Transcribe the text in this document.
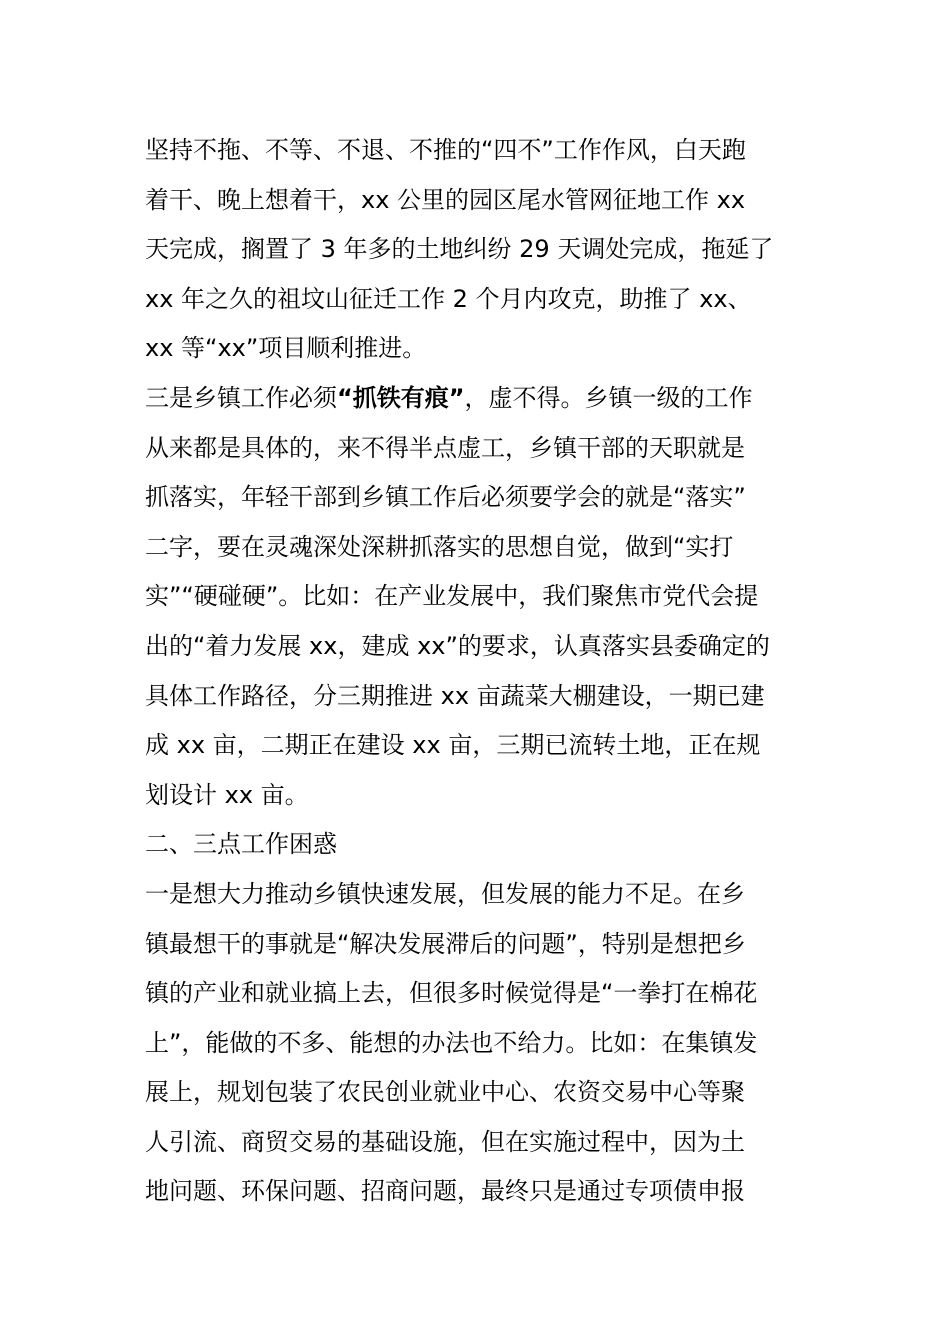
坚持不拖、不等、不退、不推的“四不”工作作风，白天跑
着干、晚上想着干，xx 公里的园区尾水管网征地工作 xx
天完成，搁置了 3 年多的土地纠纷 29 天调处完成，拖延了
xx 年之久的祖坟山征迁工作 2 个月内攻克，助推了 xx、
xx 等“xx”项目顺利推进。
三是乡镇工作必须“抓铁有痕”，虚不得。乡镇一级的工作
从来都是具体的，来不得半点虚工，乡镇干部的天职就是
抓落实，年轻干部到乡镇工作后必须要学会的就是“落实”
二字，要在灵魂深处深耕抓落实的思想自觉，做到“实打
实”“硬碰硬”。比如：在产业发展中，我们聚焦市党代会提
出的“着力发展 xx，建成 xx”的要求，认真落实县委确定的
具体工作路径，分三期推进 xx 亩蔬菜大棚建设，一期已建
成 xx 亩，二期正在建设 xx 亩，三期已流转土地，正在规
划设计 xx 亩。
二、三点工作困惑
一是想大力推动乡镇快速发展，但发展的能力不足。在乡
镇最想干的事就是“解决发展滞后的问题”，特别是想把乡
镇的产业和就业搞上去，但很多时候觉得是“一拳打在棉花
上”，能做的不多、能想的办法也不给力。比如：在集镇发
展上，规划包装了农民创业就业中心、农资交易中心等聚
人引流、商贸交易的基础设施，但在实施过程中，因为土
地问题、环保问题、招商问题，最终只是通过专项债申报
